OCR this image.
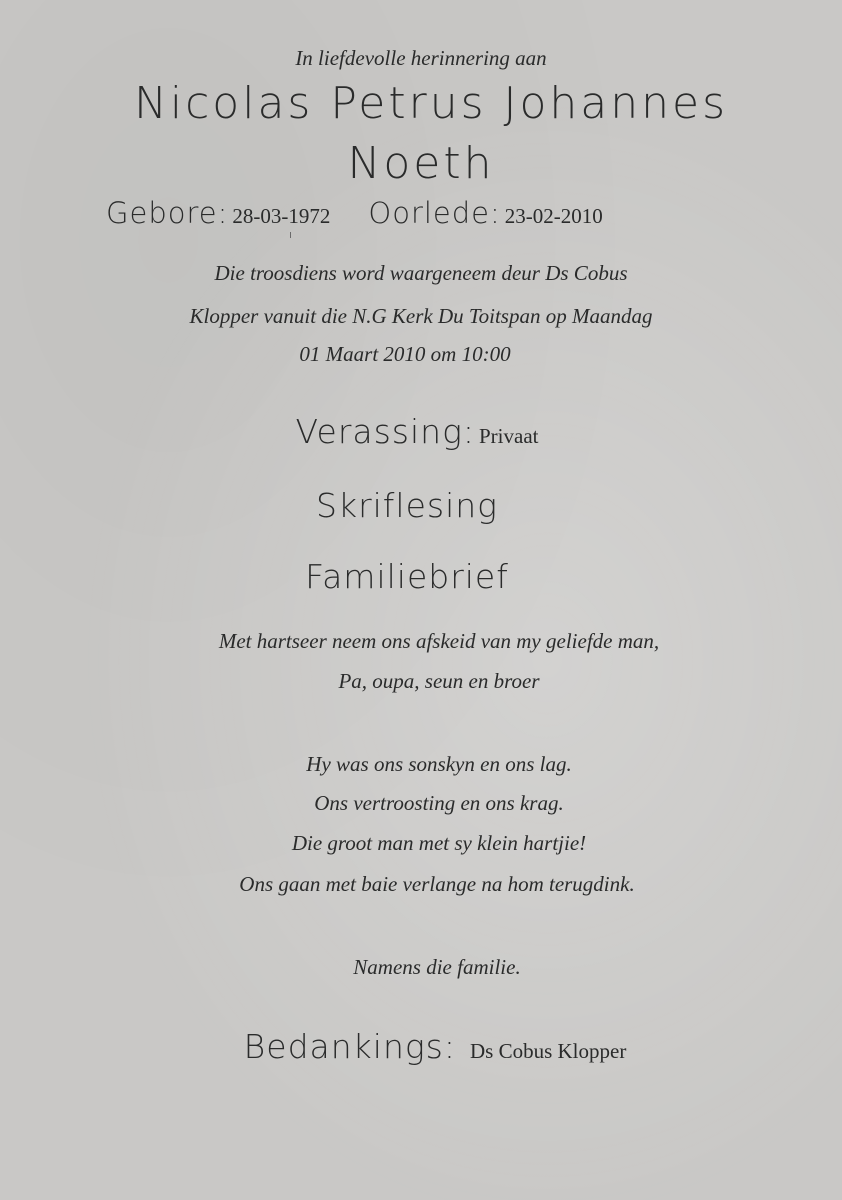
In liefdevolle herinnering aan
Nicolas Petrus Johannes
Noeth
Gebore: 28-03-1972 Oorlede: 23-02-2010
Die troosdiens word waargeneem deur Ds Cobus
Klopper vanuit die N.G Kerk Du Toitspan op Maandag
01 Maart 2010 om 10:00
Verassing: Privaat
Skriflesing
Familiebrief
Met hartseer neem ons afskeid van my geliefde man,
Pa, oupa, seun en broer
Hy was ons sonskyn en ons lag.
Ons vertroosting en ons krag.
Die groot man met sy klein hartjie!
Ons gaan met baie verlange na hom terugdink.
Namens die familie.
Bedankings: Ds Cobus Klopper
